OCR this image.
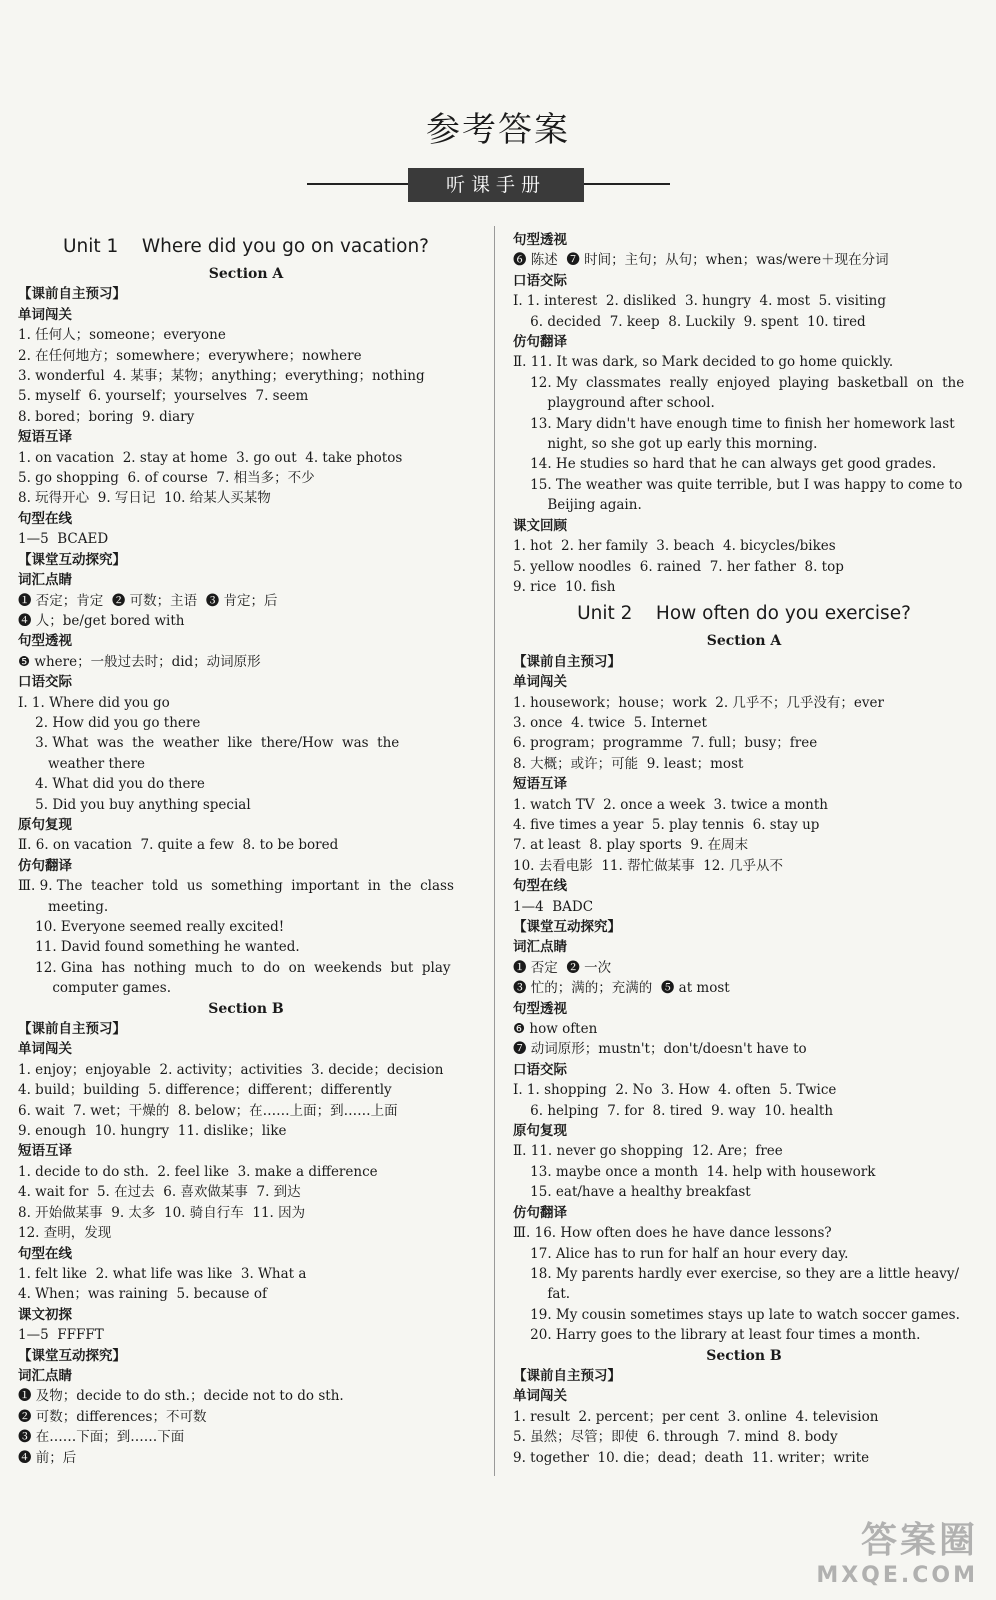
参考答案
听课手册
Unit 1    Where did you go on vacation?
Section A
【课前自主预习】
单词闯关
1. 任何人；someone；everyone
2. 在任何地方；somewhere；everywhere；nowhere
3. wonderful  4. 某事；某物；anything；everything；nothing
5. myself  6. yourself；yourselves  7. seem
8. bored；boring  9. diary
短语互译
1. on vacation  2. stay at home  3. go out  4. take photos
5. go shopping  6. of course  7. 相当多；不少
8. 玩得开心  9. 写日记  10. 给某人买某物
句型在线
1—5  BCAED
【课堂互动探究】
词汇点睛
❶ 否定；肯定  ❷ 可数；主语  ❸ 肯定；后
❹ 人；be/get bored with
句型透视
❺ where；一般过去时；did；动词原形
口语交际
Ⅰ. 1. Where did you go
2. How did you go there
3. What  was  the  weather  like  there/How  was  the
weather there
4. What did you do there
5. Did you buy anything special
原句复现
Ⅱ. 6. on vacation  7. quite a few  8. to be bored
仿句翻译
Ⅲ. 9. The  teacher  told  us  something  important  in  the  class
meeting.
10. Everyone seemed really excited!
11. David found something he wanted.
12. Gina  has  nothing  much  to  do  on  weekends  but  play
computer games.
Section B
【课前自主预习】
单词闯关
1. enjoy；enjoyable  2. activity；activities  3. decide；decision
4. build；building  5. difference；different；differently
6. wait  7. wet；干燥的  8. below；在……上面；到……上面
9. enough  10. hungry  11. dislike；like
短语互译
1. decide to do sth.  2. feel like  3. make a difference
4. wait for  5. 在过去  6. 喜欢做某事  7. 到达
8. 开始做某事  9. 太多  10. 骑自行车  11. 因为
12. 查明，发现
句型在线
1. felt like  2. what life was like  3. What a
4. When；was raining  5. because of
课文初探
1—5  FFFFT
【课堂互动探究】
词汇点睛
❶ 及物；decide to do sth.；decide not to do sth.
❷ 可数；differences；不可数
❸ 在……下面；到……下面
❹ 前；后
句型透视
❻ 陈述  ❼ 时间；主句；从句；when；was/were＋现在分词
口语交际
Ⅰ. 1. interest  2. disliked  3. hungry  4. most  5. visiting
6. decided  7. keep  8. Luckily  9. spent  10. tired
仿句翻译
Ⅱ. 11. It was dark, so Mark decided to go home quickly.
12. My  classmates  really  enjoyed  playing  basketball  on  the
playground after school.
13. Mary didn't have enough time to finish her homework last
night, so she got up early this morning.
14. He studies so hard that he can always get good grades.
15. The weather was quite terrible, but I was happy to come to
Beijing again.
课文回顾
1. hot  2. her family  3. beach  4. bicycles/bikes
5. yellow noodles  6. rained  7. her father  8. top
9. rice  10. fish
Unit 2    How often do you exercise?
Section A
【课前自主预习】
单词闯关
1. housework；house；work  2. 几乎不；几乎没有；ever
3. once  4. twice  5. Internet
6. program；programme  7. full；busy；free
8. 大概；或许；可能  9. least；most
短语互译
1. watch TV  2. once a week  3. twice a month
4. five times a year  5. play tennis  6. stay up
7. at least  8. play sports  9. 在周末
10. 去看电影  11. 帮忙做某事  12. 几乎从不
句型在线
1—4  BADC
【课堂互动探究】
词汇点睛
❶ 否定  ❷ 一次
❸ 忙的；满的；充满的  ❺ at most
句型透视
❻ how often
❼ 动词原形；mustn't；don't/doesn't have to
口语交际
Ⅰ. 1. shopping  2. No  3. How  4. often  5. Twice
6. helping  7. for  8. tired  9. way  10. health
原句复现
Ⅱ. 11. never go shopping  12. Are；free
13. maybe once a month  14. help with housework
15. eat/have a healthy breakfast
仿句翻译
Ⅲ. 16. How often does he have dance lessons?
17. Alice has to run for half an hour every day.
18. My parents hardly ever exercise, so they are a little heavy/
fat.
19. My cousin sometimes stays up late to watch soccer games.
20. Harry goes to the library at least four times a month.
Section B
【课前自主预习】
单词闯关
1. result  2. percent；per cent  3. online  4. television
5. 虽然；尽管；即使  6. through  7. mind  8. body
9. together  10. die；dead；death  11. writer；write
答案圈
MXQE.COM
